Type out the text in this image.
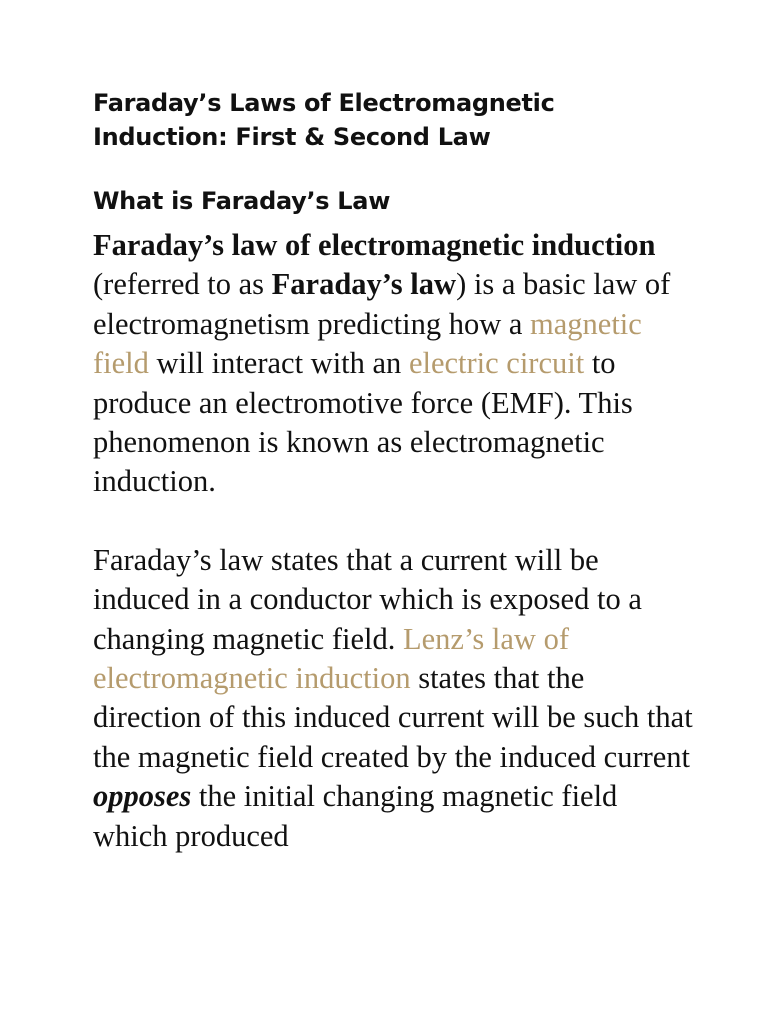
Faraday’s Laws of Electromagnetic Induction: First & Second Law
What is Faraday’s Law

Faraday’s law of electromagnetic induction (referred to as Faraday’s law) is a basic law of electromagnetism predicting how a magnetic field will interact with an electric circuit to produce an electromotive force (EMF). This phenomenon is known as electromagnetic induction.

Faraday’s law states that a current will be induced in a conductor which is exposed to a changing magnetic field. Lenz’s law of electromagnetic induction states that the direction of this induced current will be such that the magnetic field created by the induced current opposes the initial changing magnetic field which produced
